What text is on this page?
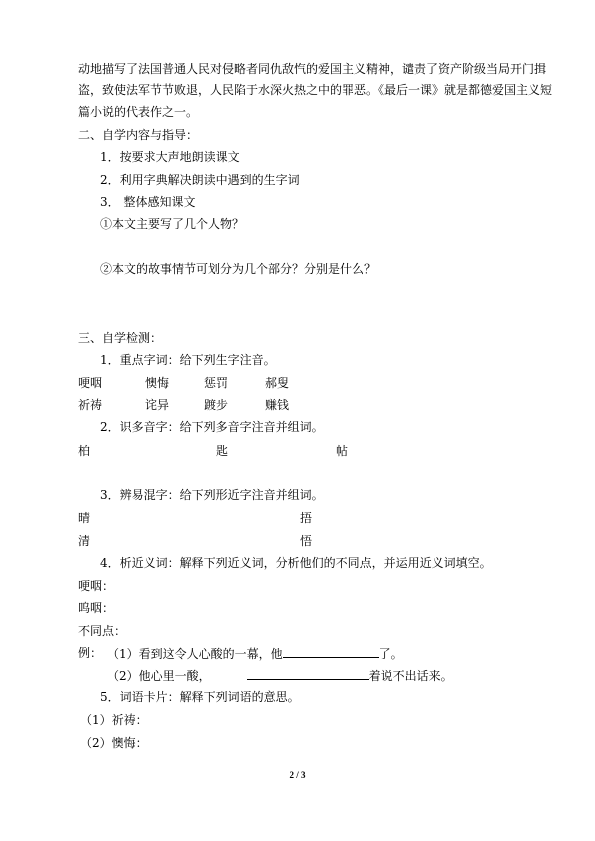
动地描写了法国普通人民对侵略者同仇敌忾的爱国主义精神，谴责了资产阶级当局开门揖
盗，致使法军节节败退，人民陷于水深火热之中的罪恶。《最后一课》就是都德爱国主义短
篇小说的代表作之一。
二、自学内容与指导：
1．按要求大声地朗读课文
2．利用字典解决朗读中遇到的生字词
3． 整体感知课文
①本文主要写了几个人物？
②本文的故事情节可划分为几个部分？分别是什么？
三、自学检测：
1．重点字词：给下列生字注音。
哽咽	懊悔	惩罚	郝叟
祈祷	诧异	踱步	赚钱
2．识多音字：给下列多音字注音并组词。
柏	匙	帖
3．辨易混字：给下列形近字注音并组词。
晴	捂
清	悟
4．析近义词：解释下列近义词，分析他们的不同点，并运用近义词填空。
哽咽：
呜咽：
不同点：
例： （1）看到这令人心酸的一幕，他	了。
（2）他心里一酸，	着说不出话来。
5．词语卡片：解释下列词语的意思。
（1）祈祷：
（2）懊悔：
2 / 3
